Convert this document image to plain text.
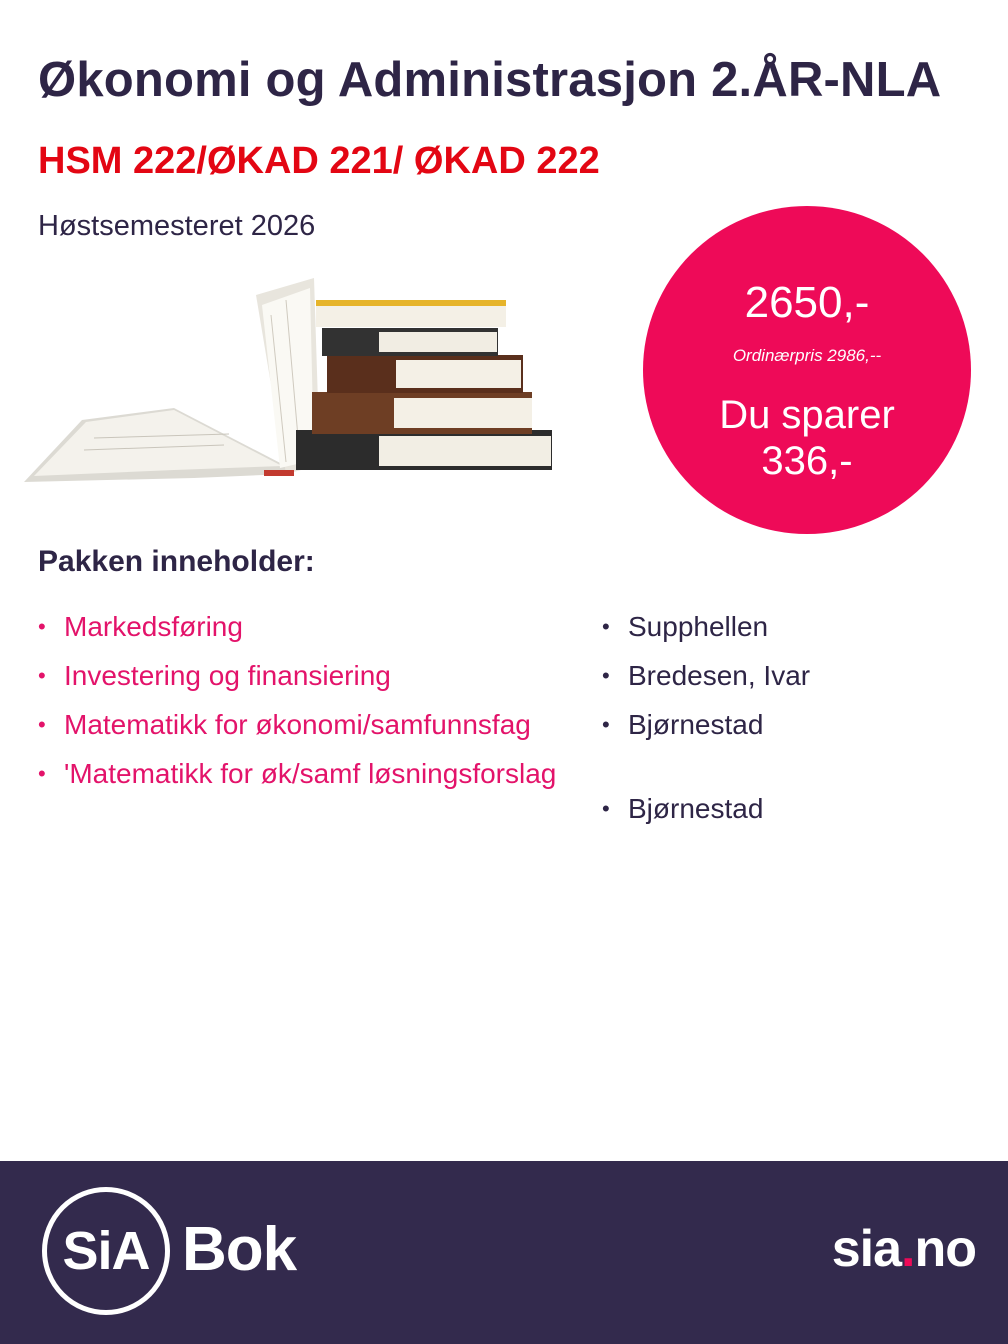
Økonomi og Administrasjon 2.ÅR-NLA
HSM 222/ØKAD 221/ ØKAD 222
Høstsemesteret 2026
2650,-
Ordinærpris 2986,--
Du sparer
336,-
Pakken inneholder:
• Markedsføring
• Investering og finansiering
• Matematikk for økonomi/samfunnsfag
• 'Matematikk for øk/samf løsningsforslag
• Supphellen
• Bredesen, Ivar
• Bjørnestad
• Bjørnestad
SiA Bok	sia.no
